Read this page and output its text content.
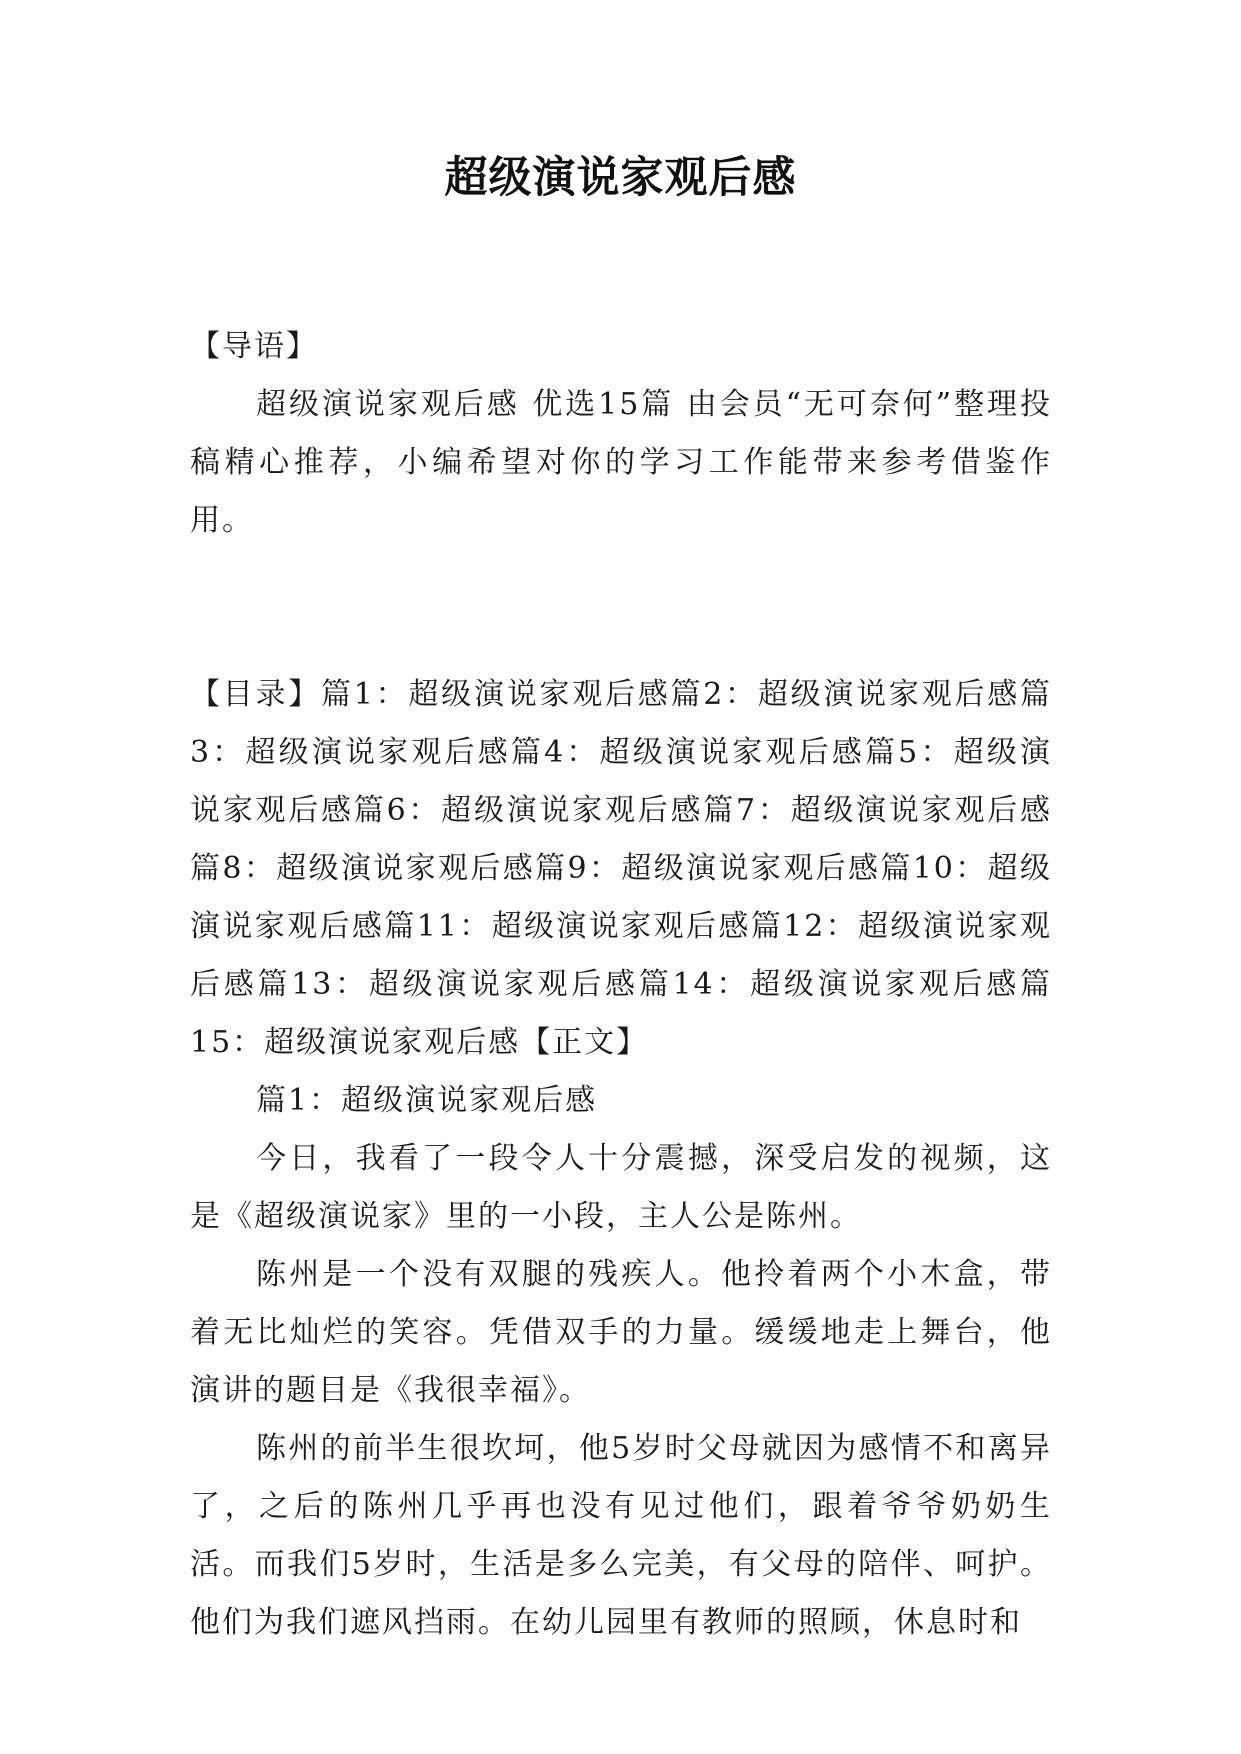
超级演说家观后感

【导语】

超级演说家观后感 优选15篇 由会员“无可奈何”整理投稿精心推荐，小编希望对你的学习工作能带来参考借鉴作用。

【目录】篇1：超级演说家观后感篇2：超级演说家观后感篇3：超级演说家观后感篇4：超级演说家观后感篇5：超级演说家观后感篇6：超级演说家观后感篇7：超级演说家观后感篇8：超级演说家观后感篇9：超级演说家观后感篇10：超级演说家观后感篇11：超级演说家观后感篇12：超级演说家观后感篇13：超级演说家观后感篇14：超级演说家观后感篇15：超级演说家观后感【正文】

篇1：超级演说家观后感

今日，我看了一段令人十分震撼，深受启发的视频，这是《超级演说家》里的一小段，主人公是陈州。

陈州是一个没有双腿的残疾人。他拎着两个小木盒，带着无比灿烂的笑容。凭借双手的力量。缓缓地走上舞台，他演讲的题目是《我很幸福》。

陈州的前半生很坎坷，他5岁时父母就因为感情不和离异了，之后的陈州几乎再也没有见过他们，跟着爷爷奶奶生活。而我们5岁时，生活是多么完美，有父母的陪伴、呵护。他们为我们遮风挡雨。在幼儿园里有教师的照顾，休息时和
